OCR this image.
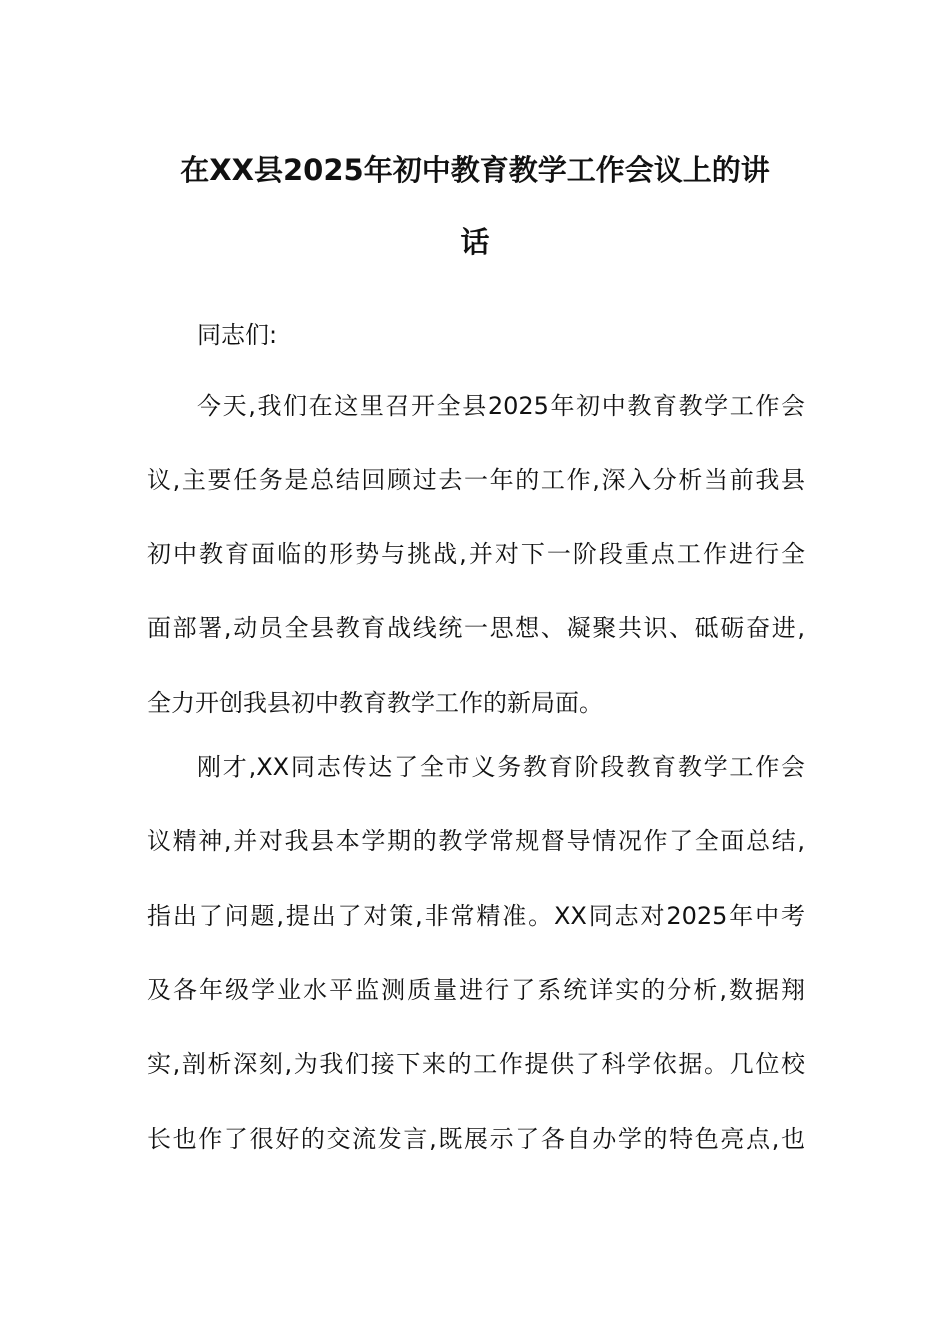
在XX县2025年初中教育教学工作会议上的讲
话
同志们:
今天,我们在这里召开全县2025年初中教育教学工作会
议,主要任务是总结回顾过去一年的工作,深入分析当前我县
初中教育面临的形势与挑战,并对下一阶段重点工作进行全
面部署,动员全县教育战线统一思想、凝聚共识、砥砺奋进,
全力开创我县初中教育教学工作的新局面。
刚才,XX同志传达了全市义务教育阶段教育教学工作会
议精神,并对我县本学期的教学常规督导情况作了全面总结,
指出了问题,提出了对策,非常精准。XX同志对2025年中考
及各年级学业水平监测质量进行了系统详实的分析,数据翔
实,剖析深刻,为我们接下来的工作提供了科学依据。几位校
长也作了很好的交流发言,既展示了各自办学的特色亮点,也
